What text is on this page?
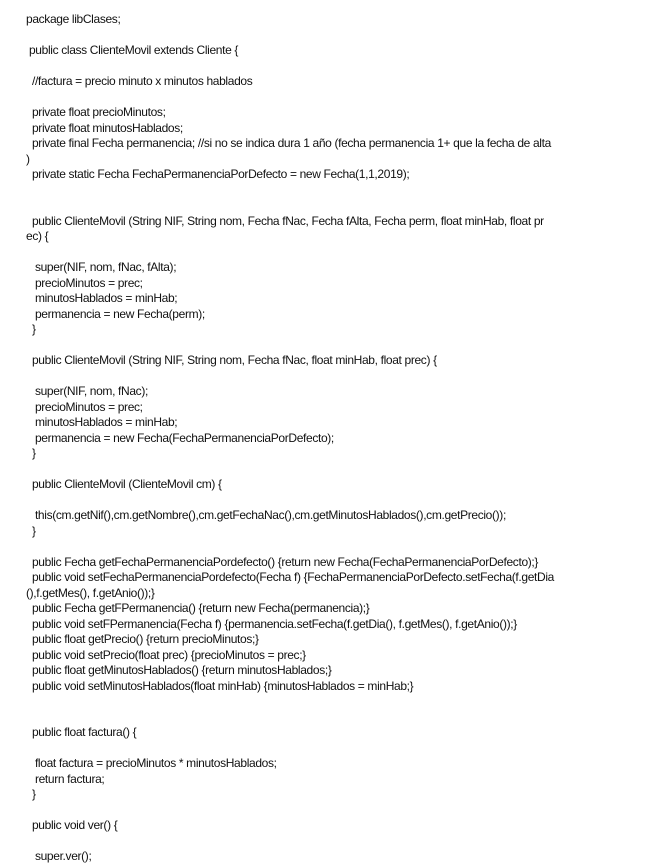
package libClases;
public class ClienteMovil extends Cliente {
//factura = precio minuto x minutos hablados
private float precioMinutos;
private float minutosHablados;
private final Fecha permanencia; //si no se indica dura 1 año (fecha permanencia 1+ que la fecha de alta
)
private static Fecha FechaPermanenciaPorDefecto = new Fecha(1,1,2019);
public ClienteMovil (String NIF, String nom, Fecha fNac, Fecha fAlta, Fecha perm, float minHab, float pr
ec) {
super(NIF, nom, fNac, fAlta);
precioMinutos = prec;
minutosHablados = minHab;
permanencia = new Fecha(perm);
}
public ClienteMovil (String NIF, String nom, Fecha fNac, float minHab, float prec) {
super(NIF, nom, fNac);
precioMinutos = prec;
minutosHablados = minHab;
permanencia = new Fecha(FechaPermanenciaPorDefecto);
}
public ClienteMovil (ClienteMovil cm) {
this(cm.getNif(),cm.getNombre(),cm.getFechaNac(),cm.getMinutosHablados(),cm.getPrecio());
}
public Fecha getFechaPermanenciaPordefecto() {return new Fecha(FechaPermanenciaPorDefecto);}
public void setFechaPermanenciaPordefecto(Fecha f) {FechaPermanenciaPorDefecto.setFecha(f.getDia
(),f.getMes(), f.getAnio());}
public Fecha getFPermanencia() {return new Fecha(permanencia);}
public void setFPermanencia(Fecha f) {permanencia.setFecha(f.getDia(), f.getMes(), f.getAnio());}
public float getPrecio() {return precioMinutos;}
public void setPrecio(float prec) {precioMinutos = prec;}
public float getMinutosHablados() {return minutosHablados;}
public void setMinutosHablados(float minHab) {minutosHablados = minHab;}
public float factura() {
float factura = precioMinutos * minutosHablados;
return factura;
}
public void ver() {
super.ver();
